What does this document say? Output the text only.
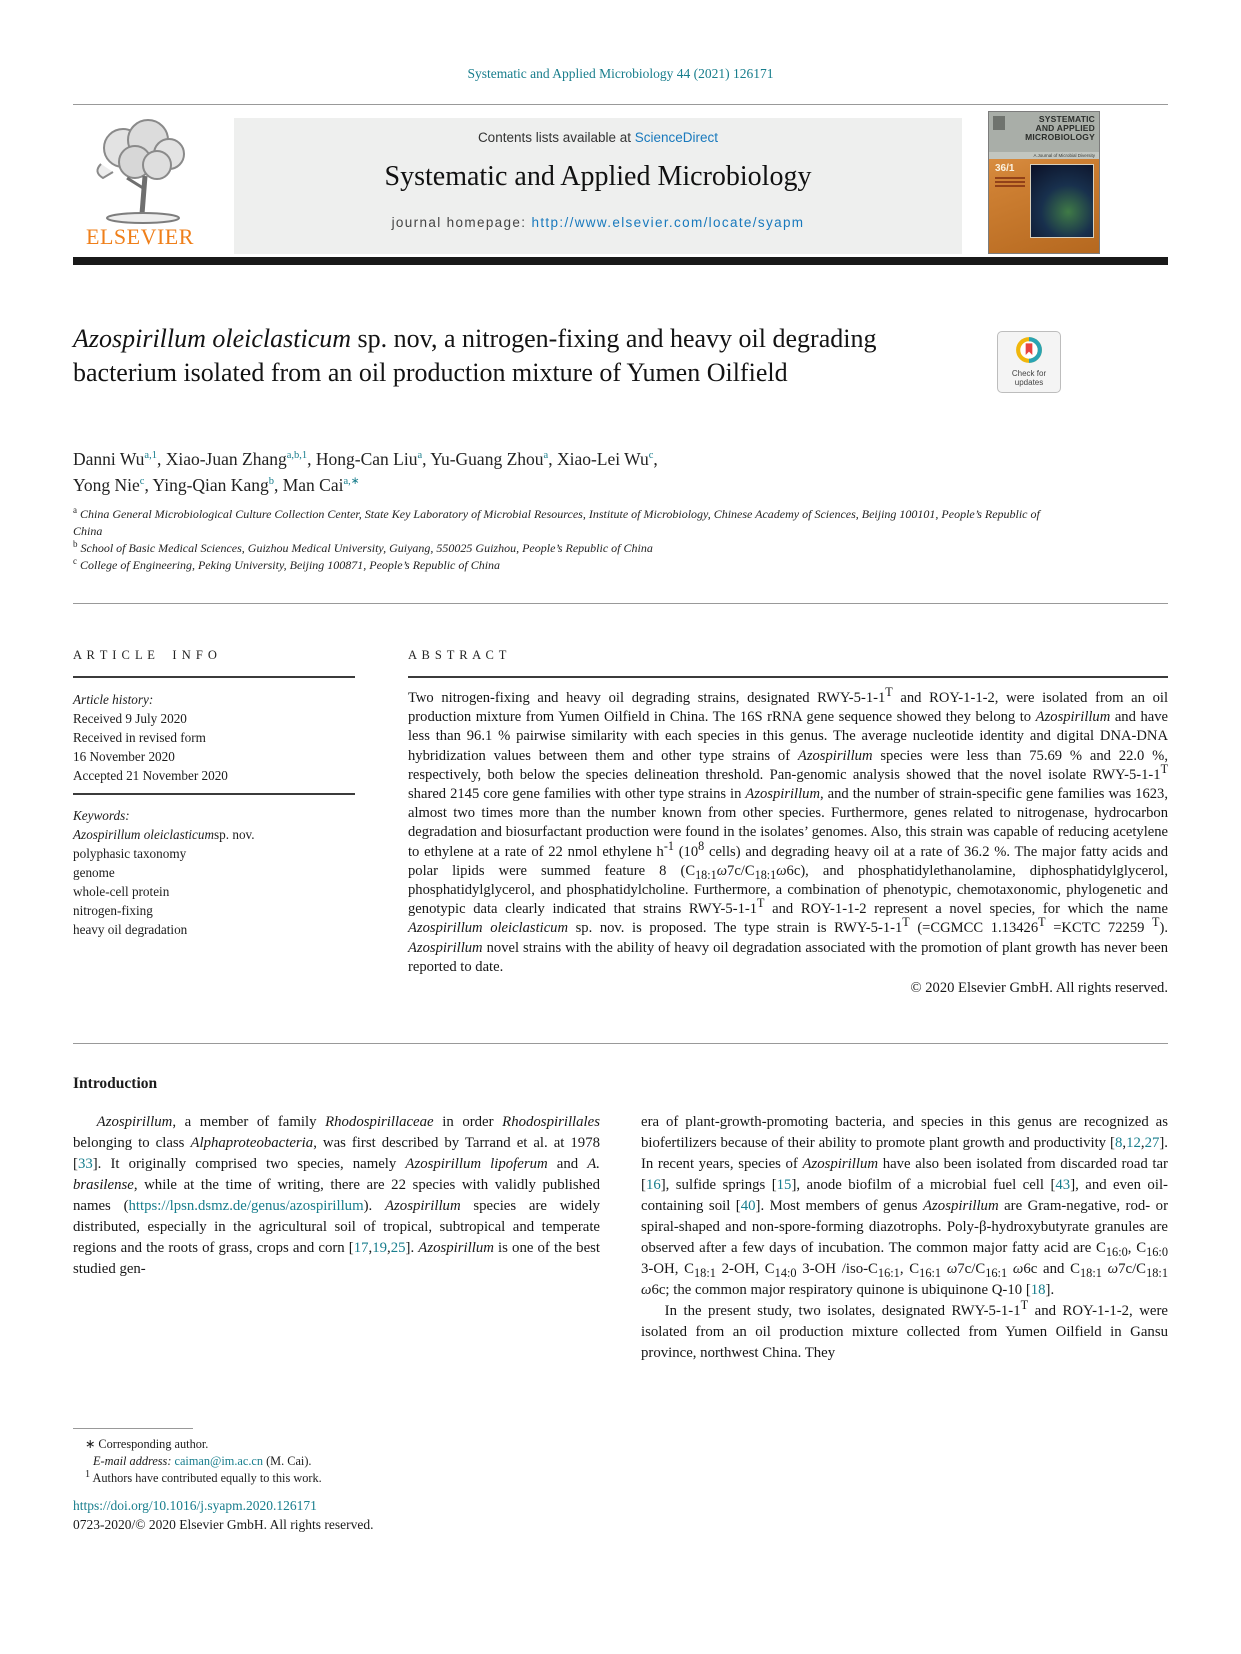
Systematic and Applied Microbiology 44 (2021) 126171
ELSEVIER
Contents lists available at ScienceDirect
Systematic and Applied Microbiology
journal homepage: http://www.elsevier.com/locate/syapm
SYSTEMATIC
AND APPLIED
MICROBIOLOGY
A Journal of Microbial Diversity
36/1
Azospirillum oleiclasticum sp. nov, a nitrogen-fixing and heavy oil degrading bacterium isolated from an oil production mixture of Yumen Oilfield	Check for
updates
Danni Wu$^{a,1}$, Xiao-Juan Zhang$^{a,b,1}$, Hong-Can Liu$^a$, Yu-Guang Zhou$^a$, Xiao-Lei Wu$^c$,
Yong Nie$^c$, Ying-Qian Kang$^b$, Man Cai$^{a,∗}$
$^a$ China General Microbiological Culture Collection Center, State Key Laboratory of Microbial Resources, Institute of Microbiology, Chinese Academy of Sciences, Beijing 100101, People’s Republic of China
$^b$ School of Basic Medical Sciences, Guizhou Medical University, Guiyang, 550025 Guizhou, People’s Republic of China
$^c$ College of Engineering, Peking University, Beijing 100871, People’s Republic of China
A R T I C L E    I N F O
Article history:
Received 9 July 2020
Received in revised form
16 November 2020
Accepted 21 November 2020
Keywords:
Azospirillum oleiclasticumsp. nov.
polyphasic taxonomy
genome
whole-cell protein
nitrogen-fixing
heavy oil degradation
A B S T R A C T
Two nitrogen-fixing and heavy oil degrading strains, designated RWY-$5-1-1^T$ and ROY-1-1-2, were isolated from an oil production mixture from Yumen Oilfield in China. The 16S rRNA gene sequence showed they belong to Azospirillum and have less than 96.1 % pairwise similarity with each species in this genus. The average nucleotide identity and digital DNA-DNA hybridization values between them and other type strains of Azospirillum species were less than 75.69 % and 22.0 %, respectively, both below the species delineation threshold. Pan-genomic analysis showed that the novel isolate RWY-$5-1-1^T$ shared 2145 core gene families with other type strains in Azospirillum, and the number of strain-specific gene families was 1623, almost two times more than the number known from other species. Furthermore, genes related to nitrogenase, hydrocarbon degradation and biosurfactant production were found in the isolates’ genomes. Also, this strain was capable of reducing acetylene to ethylene at a rate of 22 nmol ethylene $h^{-1}$ ($10^8$ cells) and degrading heavy oil at a rate of 36.2 %. The major fatty acids and polar lipids were summed feature 8 $(C_{18:1}\omega 7c/C_{18:1}\omega 6c)$, and phosphatidylethanolamine, diphosphatidylglycerol, phosphatidylglycerol, and phosphatidylcholine. Furthermore, a combination of phenotypic, chemotaxonomic, phylogenetic and genotypic data clearly indicated that strains RWY-$5-1-1^T$ and ROY-1-1-2 represent a novel species, for which the name Azospirillum oleiclasticum sp. nov. is proposed. The type strain is RWY-$5-1-1^T$ (=CGMCC $1.13426^T$ =KCTC 72259 $^T$). Azospirillum novel strains with the ability of heavy oil degradation associated with the promotion of plant growth has never been reported to date.
© 2020 Elsevier GmbH. All rights reserved.
Introduction

Azospirillum, a member of family Rhodospirillaceae in order Rhodospirillales belonging to class Alphaproteobacteria, was first described by Tarrand et al. at 1978 [33]. It originally comprised two species, namely Azospirillum lipoferum and A. brasilense, while at the time of writing, there are 22 species with validly published names (https://lpsn.dsmz.de/genus/azospirillum). Azospirillum species are widely distributed, especially in the agricultural soil of tropical, subtropical and temperate regions and the roots of grass, crops and corn [17,19,25]. Azospirillum is one of the best studied gen-

era of plant-growth-promoting bacteria, and species in this genus are recognized as biofertilizers because of their ability to promote plant growth and productivity [8,12,27]. In recent years, species of Azospirillum have also been isolated from discarded road tar [16], sulfide springs [15], anode biofilm of a microbial fuel cell [43], and even oil-containing soil [40]. Most members of genus Azospirillum are Gram-negative, rod- or spiral-shaped and non-spore-forming diazotrophs. Poly-β-hydroxybutyrate granules are observed after a few days of incubation. The common major fatty acid are $C_{16:0}$, $C_{16:0}$ 3-OH, $C_{18:1}$ 2-OH, $C_{14:0}$ 3-OH $/iso-C_{16:1}$, $C_{16:1}$ $\omega 7c/C_{16:1}$ ω6c and $C_{18:1}$ $\omega 7c/C_{18:1}$ ω6c; the common major respiratory quinone is ubiquinone Q-10 [18].

In the present study, two isolates, designated RWY-$5-1-1^T$ and ROY-1-1-2, were isolated from an oil production mixture collected from Yumen Oilfield in Gansu province, northwest China. They

∗ Corresponding author.
E-mail address: caiman@im.ac.cn (M. Cai).
$^1$ Authors have contributed equally to this work.
https://doi.org/10.1016/j.syapm.2020.126171
0723-2020/© 2020 Elsevier GmbH. All rights reserved.
